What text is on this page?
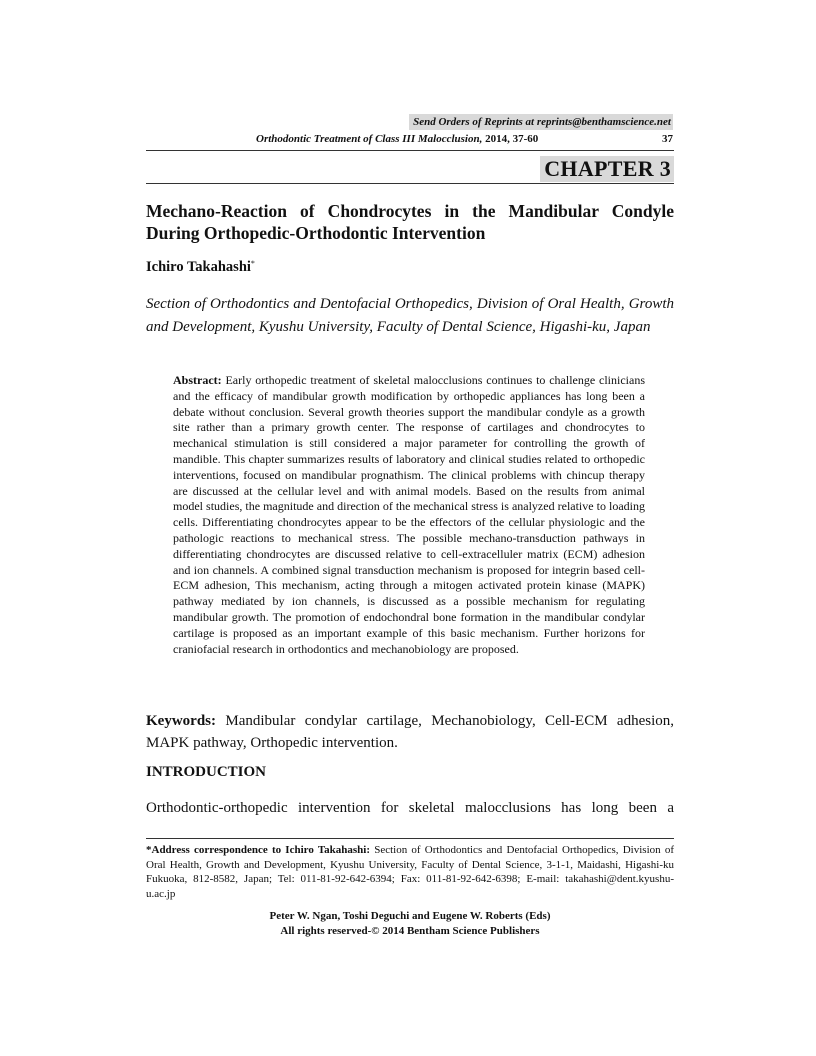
Send Orders of Reprints at reprints@benthamscience.net
Orthodontic Treatment of Class III Malocclusion, 2014, 37-60	37
CHAPTER 3
Mechano-Reaction of Chondrocytes in the Mandibular Condyle During Orthopedic-Orthodontic Intervention
Ichiro Takahashi*

Section of Orthodontics and Dentofacial Orthopedics, Division of Oral Health, Growth and Development, Kyushu University, Faculty of Dental Science, Higashi-ku, Japan

Abstract: Early orthopedic treatment of skeletal malocclusions continues to challenge clinicians and the efficacy of mandibular growth modification by orthopedic appliances has long been a debate without conclusion. Several growth theories support the mandibular condyle as a growth site rather than a primary growth center. The response of cartilages and chondrocytes to mechanical stimulation is still considered a major parameter for controlling the growth of mandible. This chapter summarizes results of laboratory and clinical studies related to orthopedic interventions, focused on mandibular prognathism. The clinical problems with chincup therapy are discussed at the cellular level and with animal models. Based on the results from animal model studies, the magnitude and direction of the mechanical stress is analyzed relative to loading cells. Differentiating chondrocytes appear to be the effectors of the cellular physiologic and the pathologic reactions to mechanical stress. The possible mechano-transduction pathways in differentiating chondrocytes are discussed relative to cell-extracelluler matrix (ECM) adhesion and ion channels. A combined signal transduction mechanism is proposed for integrin based cell-ECM adhesion, This mechanism, acting through a mitogen activated protein kinase (MAPK) pathway mediated by ion channels, is discussed as a possible mechanism for regulating mandibular growth. The promotion of endochondral bone formation in the mandibular condylar cartilage is proposed as an important example of this basic mechanism. Further horizons for craniofacial research in orthodontics and mechanobiology are proposed.

Keywords: Mandibular condylar cartilage, Mechanobiology, Cell-ECM adhesion, MAPK pathway, Orthopedic intervention.

INTRODUCTION

Orthodontic-orthopedic intervention for skeletal malocclusions has long been a

*Address correspondence to Ichiro Takahashi: Section of Orthodontics and Dentofacial Orthopedics, Division of Oral Health, Growth and Development, Kyushu University, Faculty of Dental Science, 3-1-1, Maidashi, Higashi-ku Fukuoka, 812-8582, Japan; Tel: 011-81-92-642-6394; Fax: 011-81-92-642-6398; E-mail: takahashi@dent.kyushu-u.ac.jp

Peter W. Ngan, Toshi Deguchi and Eugene W. Roberts (Eds)
All rights reserved-© 2014 Bentham Science Publishers
